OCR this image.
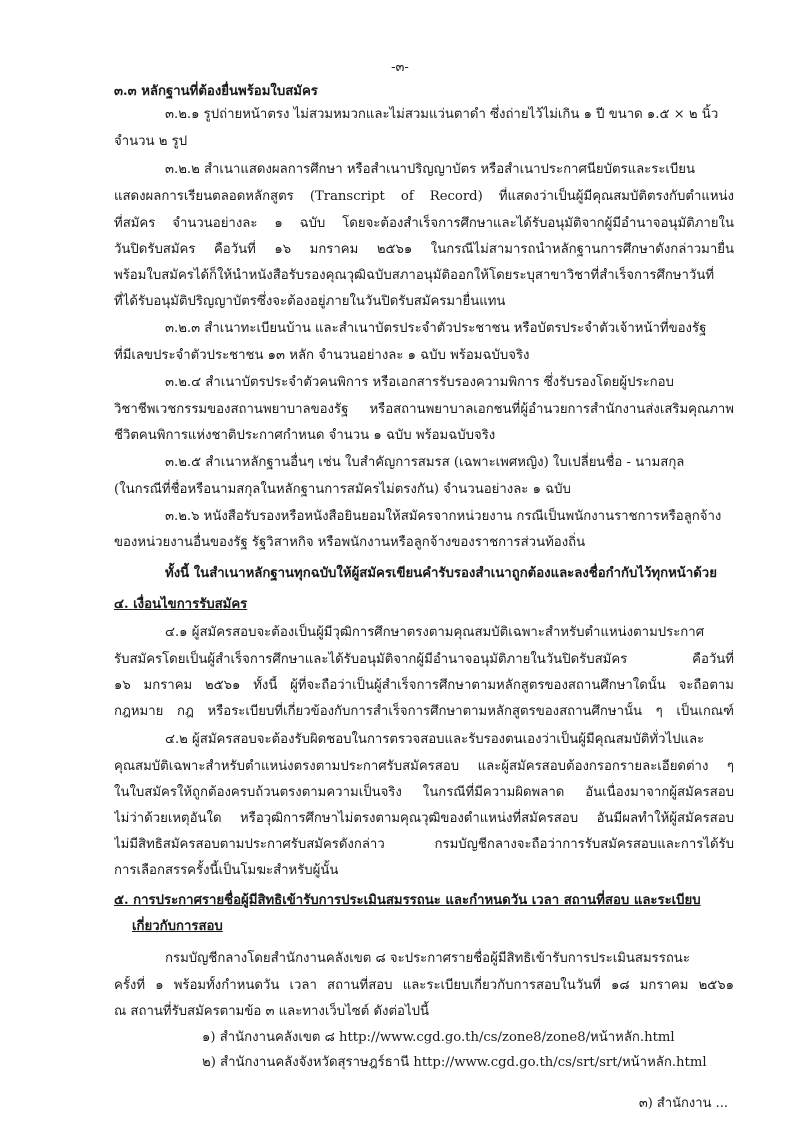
-๓-
๓.๓ หลักฐานที่ต้องยื่นพร้อมใบสมัคร
๓.๒.๑ รูปถ่ายหน้าตรง ไม่สวมหมวกและไม่สวมแว่นตาดำ ซึ่งถ่ายไว้ไม่เกิน ๑ ปี ขนาด ๑.๕ × ๒ นิ้ว
จำนวน ๒ รูป
๓.๒.๒ สำเนาแสดงผลการศึกษา หรือสำเนาปริญญาบัตร หรือสำเนาประกาศนียบัตรและระเบียน
แสดงผลการเรียนตลอดหลักสูตร (Transcript of Record) ที่แสดงว่าเป็นผู้มีคุณสมบัติตรงกับตำแหน่ง
ที่สมัคร จำนวนอย่างละ ๑ ฉบับ โดยจะต้องสำเร็จการศึกษาและได้รับอนุมัติจากผู้มีอำนาจอนุมัติภายใน
วันปิดรับสมัคร คือวันที่ ๑๖ มกราคม ๒๕๖๑ ในกรณีไม่สามารถนำหลักฐานการศึกษาดังกล่าวมายื่น
พร้อมใบสมัครได้ก็ให้นำหนังสือรับรองคุณวุฒิฉบับสภาอนุมัติออกให้โดยระบุสาขาวิชาที่สำเร็จการศึกษาวันที่
ที่ได้รับอนุมัติปริญญาบัตรซึ่งจะต้องอยู่ภายในวันปิดรับสมัครมายื่นแทน
๓.๒.๓ สำเนาทะเบียนบ้าน และสำเนาบัตรประจำตัวประชาชน หรือบัตรประจำตัวเจ้าหน้าที่ของรัฐ
ที่มีเลขประจำตัวประชาชน ๑๓ หลัก จำนวนอย่างละ ๑ ฉบับ พร้อมฉบับจริง
๓.๒.๔ สำเนาบัตรประจำตัวคนพิการ หรือเอกสารรับรองความพิการ ซึ่งรับรองโดยผู้ประกอบ
วิชาชีพเวชกรรมของสถานพยาบาลของรัฐ หรือสถานพยาบาลเอกชนที่ผู้อำนวยการสำนักงานส่งเสริมคุณภาพ
ชีวิตคนพิการแห่งชาติประกาศกำหนด จำนวน ๑ ฉบับ พร้อมฉบับจริง
๓.๒.๕ สำเนาหลักฐานอื่นๆ เช่น ใบสำคัญการสมรส (เฉพาะเพศหญิง) ใบเปลี่ยนชื่อ - นามสกุล
(ในกรณีที่ชื่อหรือนามสกุลในหลักฐานการสมัครไม่ตรงกัน) จำนวนอย่างละ ๑ ฉบับ
๓.๒.๖ หนังสือรับรองหรือหนังสือยินยอมให้สมัครจากหน่วยงาน กรณีเป็นพนักงานราชการหรือลูกจ้าง
ของหน่วยงานอื่นของรัฐ รัฐวิสาหกิจ หรือพนักงานหรือลูกจ้างของราชการส่วนท้องถิ่น
ทั้งนี้ ในสำเนาหลักฐานทุกฉบับให้ผู้สมัครเขียนคำรับรองสำเนาถูกต้องและลงชื่อกำกับไว้ทุกหน้าด้วย
๔. เงื่อนไขการรับสมัคร
๔.๑ ผู้สมัครสอบจะต้องเป็นผู้มีวุฒิการศึกษาตรงตามคุณสมบัติเฉพาะสำหรับตำแหน่งตามประกาศ
รับสมัครโดยเป็นผู้สำเร็จการศึกษาและได้รับอนุมัติจากผู้มีอำนาจอนุมัติภายในวันปิดรับสมัคร คือวันที่
๑๖ มกราคม ๒๕๖๑ ทั้งนี้ ผู้ที่จะถือว่าเป็นผู้สำเร็จการศึกษาตามหลักสูตรของสถานศึกษาใดนั้น จะถือตาม
กฎหมาย กฎ หรือระเบียบที่เกี่ยวข้องกับการสำเร็จการศึกษาตามหลักสูตรของสถานศึกษานั้น ๆ เป็นเกณฑ์
๔.๒ ผู้สมัครสอบจะต้องรับผิดชอบในการตรวจสอบและรับรองตนเองว่าเป็นผู้มีคุณสมบัติทั่วไปและ
คุณสมบัติเฉพาะสำหรับตำแหน่งตรงตามประกาศรับสมัครสอบ และผู้สมัครสอบต้องกรอกรายละเอียดต่าง ๆ
ในใบสมัครให้ถูกต้องครบถ้วนตรงตามความเป็นจริง ในกรณีที่มีความผิดพลาด อันเนื่องมาจากผู้สมัครสอบ
ไม่ว่าด้วยเหตุอันใด หรือวุฒิการศึกษาไม่ตรงตามคุณวุฒิของตำแหน่งที่สมัครสอบ อันมีผลทำให้ผู้สมัครสอบ
ไม่มีสิทธิสมัครสอบตามประกาศรับสมัครดังกล่าว กรมบัญชีกลางจะถือว่าการรับสมัครสอบและการได้รับ
การเลือกสรรครั้งนี้เป็นโมฆะสำหรับผู้นั้น
๕. การประกาศรายชื่อผู้มีสิทธิเข้ารับการประเมินสมรรถนะ และกำหนดวัน เวลา สถานที่สอบ และระเบียบ
เกี่ยวกับการสอบ
กรมบัญชีกลางโดยสำนักงานคลังเขต ๘ จะประกาศรายชื่อผู้มีสิทธิเข้ารับการประเมินสมรรถนะ
ครั้งที่ ๑ พร้อมทั้งกำหนดวัน เวลา สถานที่สอบ และระเบียบเกี่ยวกับการสอบในวันที่ ๑๘ มกราคม ๒๕๖๑
ณ สถานที่รับสมัครตามข้อ ๓ และทางเว็บไซต์ ดังต่อไปนี้
๑) สำนักงานคลังเขต ๘ http://www.cgd.go.th/cs/zone8/zone8/หน้าหลัก.html
๒) สำนักงานคลังจังหวัดสุราษฎร์ธานี http://www.cgd.go.th/cs/srt/srt/หน้าหลัก.html
๓) สำนักงาน ...
